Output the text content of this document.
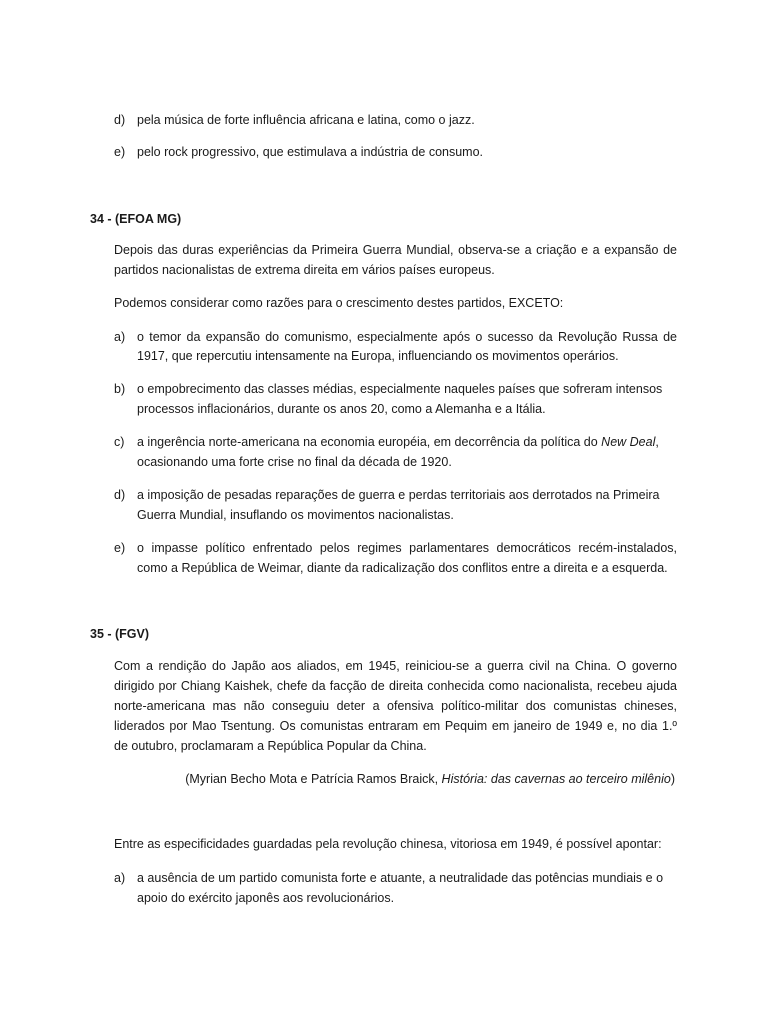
d) pela música de forte influência africana e latina, como o jazz.
e) pelo rock progressivo, que estimulava a indústria de consumo.
34 - (EFOA MG)
Depois das duras experiências da Primeira Guerra Mundial, observa-se a criação e a expansão de
partidos nacionalistas de extrema direita em vários países europeus.
Podemos considerar como razões para o crescimento destes partidos, EXCETO:
a) o temor da expansão do comunismo, especialmente após o sucesso da Revolução Russa de
1917, que repercutiu intensamente na Europa, influenciando os movimentos operários.
b) o empobrecimento das classes médias, especialmente naqueles países que sofreram intensos
processos inflacionários, durante os anos 20, como a Alemanha e a Itália.
c) a ingerência norte-americana na economia européia, em decorrência da política do New Deal,
ocasionando uma forte crise no final da década de 1920.
d) a imposição de pesadas reparações de guerra e perdas territoriais aos derrotados na Primeira
Guerra Mundial, insuflando os movimentos nacionalistas.
e) o impasse político enfrentado pelos regimes parlamentares democráticos recém-instalados,
como a República de Weimar, diante da radicalização dos conflitos entre a direita e a esquerda.
35 - (FGV)
Com a rendição do Japão aos aliados, em 1945, reiniciou-se a guerra civil na China. O governo
dirigido por Chiang Kaishek, chefe da facção de direita conhecida como nacionalista, recebeu ajuda
norte-americana mas não conseguiu deter a ofensiva político-militar dos comunistas chineses,
liderados por Mao Tsentung. Os comunistas entraram em Pequim em janeiro de 1949 e, no dia 1.º
de outubro, proclamaram a República Popular da China.
(Myrian Becho Mota e Patrícia Ramos Braick, História: das cavernas ao terceiro milênio)
Entre as especificidades guardadas pela revolução chinesa, vitoriosa em 1949, é possível apontar:
a) a ausência de um partido comunista forte e atuante, a neutralidade das potências mundiais e o
apoio do exército japonês aos revolucionários.
